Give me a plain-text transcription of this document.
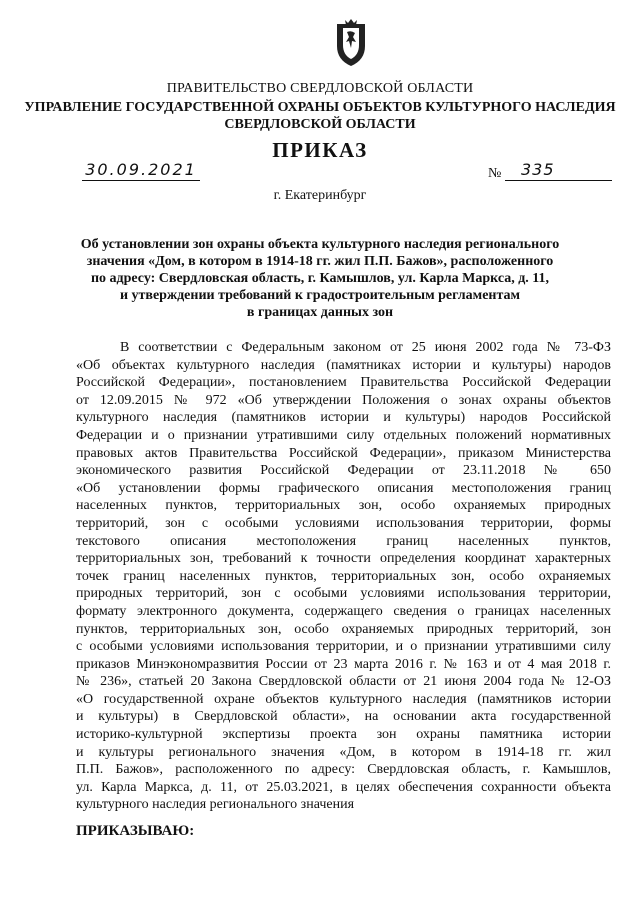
ПРАВИТЕЛЬСТВО СВЕРДЛОВСКОЙ ОБЛАСТИ
УПРАВЛЕНИЕ ГОСУДАРСТВЕННОЙ ОХРАНЫ ОБЪЕКТОВ КУЛЬТУРНОГО НАСЛЕДИЯ
СВЕРДЛОВСКОЙ ОБЛАСТИ
ПРИКАЗ
30.09.2021	№	335
г. Екатеринбург
Об установлении зон охраны объекта культурного наследия регионального
значения «Дом, в котором в 1914-18 гг. жил П.П. Бажов», расположенного
по адресу: Свердловская область, г. Камышлов, ул. Карла Маркса, д. 11,
и утверждении требований к градостроительным регламентам
в границах данных зон
В соответствии с Федеральным законом от 25 июня 2002 года № 73-ФЗ
«Об объектах культурного наследия (памятниках истории и культуры) народов
Российской Федерации», постановлением Правительства Российской Федерации
от 12.09.2015 № 972 «Об утверждении Положения о зонах охраны объектов
культурного наследия (памятников истории и культуры) народов Российской
Федерации и о признании утратившими силу отдельных положений нормативных
правовых актов Правительства Российской Федерации», приказом Министерства
экономического развития Российской Федерации от 23.11.2018 № 650
«Об установлении формы графического описания местоположения границ
населенных пунктов, территориальных зон, особо охраняемых природных
территорий, зон с особыми условиями использования территории, формы
текстового описания местоположения границ населенных пунктов,
территориальных зон, требований к точности определения координат характерных
точек границ населенных пунктов, территориальных зон, особо охраняемых
природных территорий, зон с особыми условиями использования территории,
формату электронного документа, содержащего сведения о границах населенных
пунктов, территориальных зон, особо охраняемых природных территорий, зон
с особыми условиями использования территории, и о признании утратившими силу
приказов Минэкономразвития России от 23 марта 2016 г. № 163 и от 4 мая 2018 г.
№ 236», статьей 20 Закона Свердловской области от 21 июня 2004 года № 12-ОЗ
«О государственной охране объектов культурного наследия (памятников истории
и культуры) в Свердловской области», на основании акта государственной
историко-культурной экспертизы проекта зон охраны памятника истории
и культуры регионального значения «Дом, в котором в 1914-18 гг. жил
П.П. Бажов», расположенного по адресу: Свердловская область, г. Камышлов,
ул. Карла Маркса, д. 11, от 25.03.2021, в целях обеспечения сохранности объекта
культурного наследия регионального значения
ПРИКАЗЫВАЮ:
